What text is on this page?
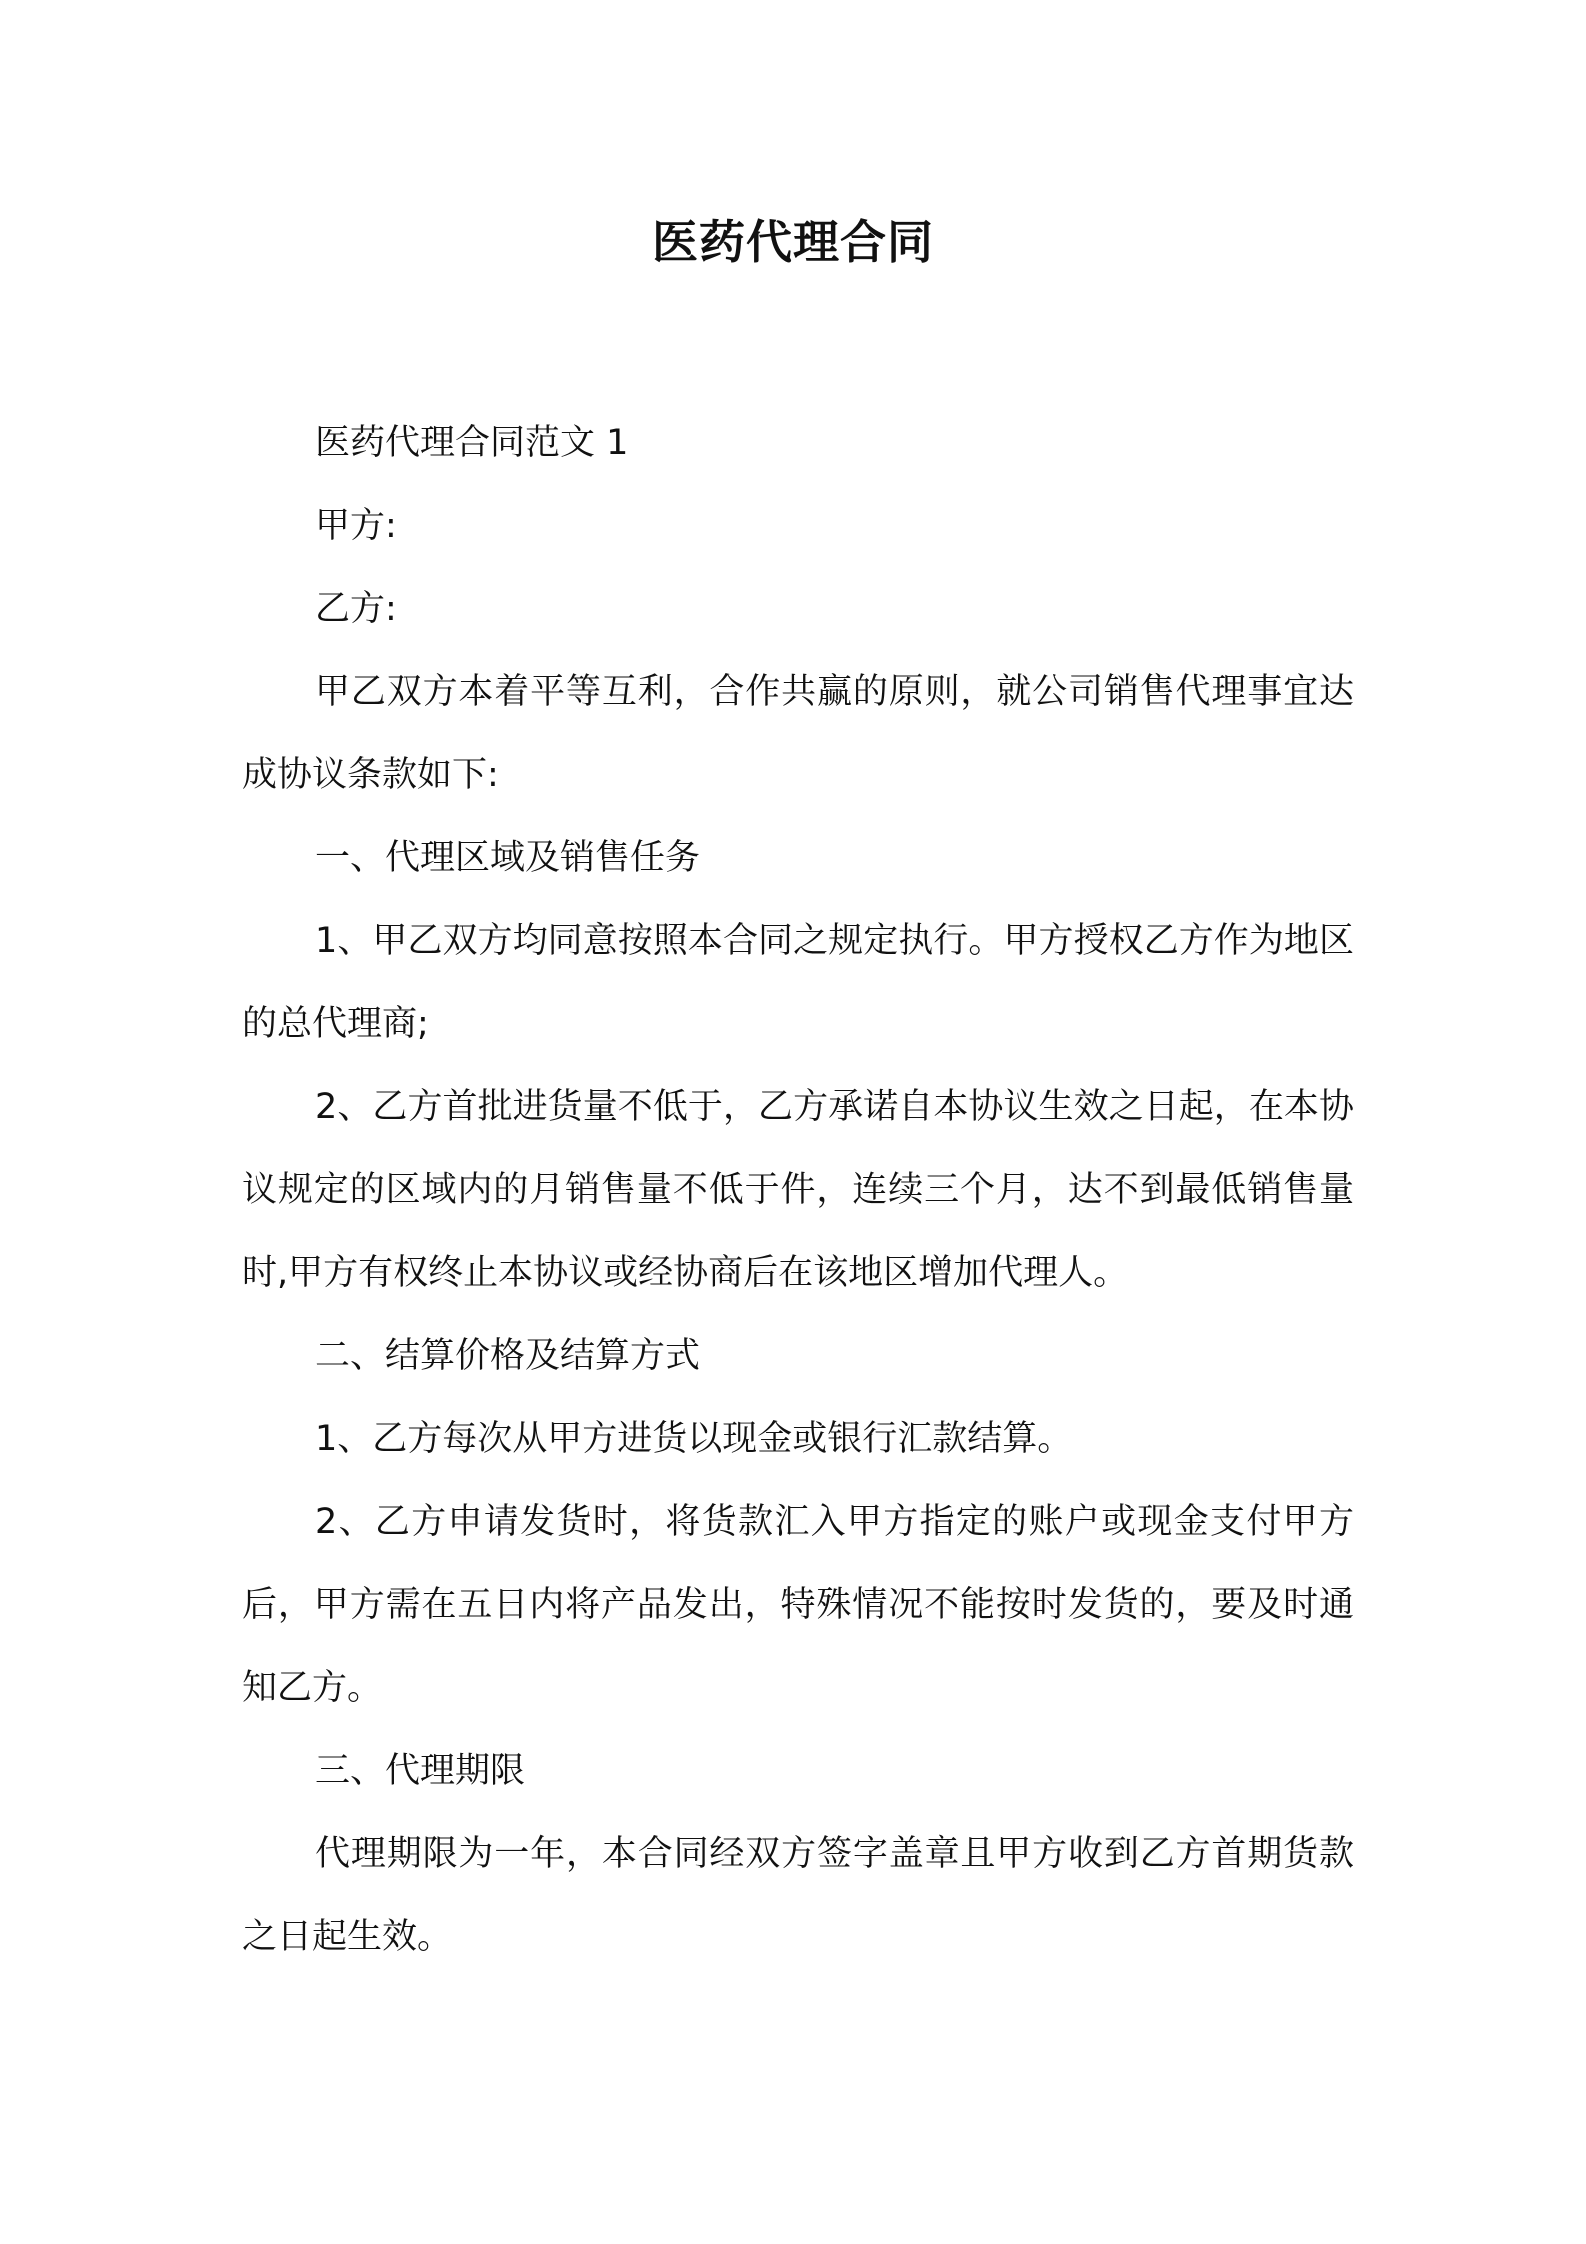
医药代理合同

医药代理合同范文 1

甲方:

乙方:

甲乙双方本着平等互利，合作共赢的原则，就公司销售代理事宜达成协议条款如下:

一、代理区域及销售任务

1、甲乙双方均同意按照本合同之规定执行。甲方授权乙方作为地区的总代理商;

2、乙方首批进货量不低于，乙方承诺自本协议生效之日起，在本协议规定的区域内的月销售量不低于件，连续三个月，达不到最低销售量时,甲方有权终止本协议或经协商后在该地区增加代理人。

二、结算价格及结算方式

1、乙方每次从甲方进货以现金或银行汇款结算。

2、乙方申请发货时，将货款汇入甲方指定的账户或现金支付甲方后，甲方需在五日内将产品发出，特殊情况不能按时发货的，要及时通知乙方。

三、代理期限

代理期限为一年，本合同经双方签字盖章且甲方收到乙方首期货款之日起生效。
